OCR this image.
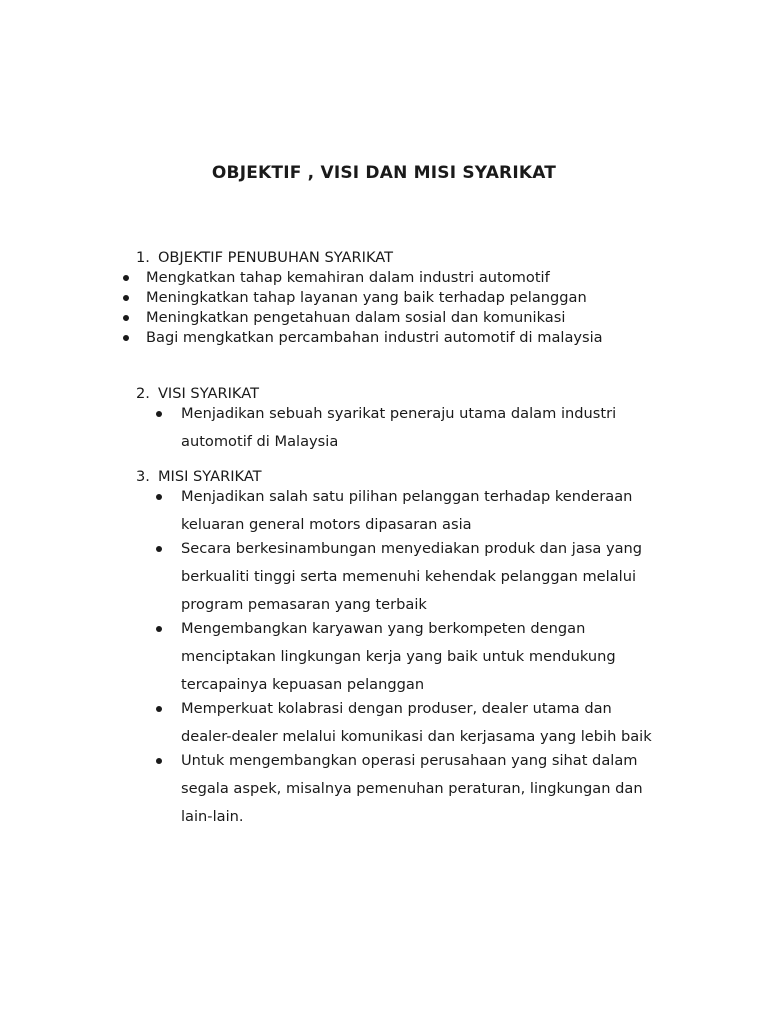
OBJEKTIF , VISI DAN MISI SYARIKAT
1. OBJEKTIF PENUBUHAN SYARIKAT
Mengkatkan tahap kemahiran dalam industri automotif
Meningkatkan tahap layanan yang baik terhadap pelanggan
Meningkatkan pengetahuan dalam sosial dan komunikasi
Bagi mengkatkan percambahan industri automotif di malaysia
2. VISI SYARIKAT
Menjadikan sebuah syarikat peneraju utama dalam industri
automotif di Malaysia
3. MISI SYARIKAT
Menjadikan salah satu pilihan pelanggan terhadap kenderaan
keluaran general motors dipasaran asia
Secara berkesinambungan menyediakan produk dan jasa yang
berkualiti tinggi serta memenuhi kehendak pelanggan melalui
program pemasaran yang terbaik
Mengembangkan karyawan yang berkompeten dengan
menciptakan lingkungan kerja yang baik untuk mendukung
tercapainya kepuasan pelanggan
Memperkuat kolabrasi dengan produser, dealer utama dan
dealer-dealer melalui komunikasi dan kerjasama yang lebih baik
Untuk mengembangkan operasi perusahaan yang sihat dalam
segala aspek, misalnya pemenuhan peraturan, lingkungan dan
lain-lain.
